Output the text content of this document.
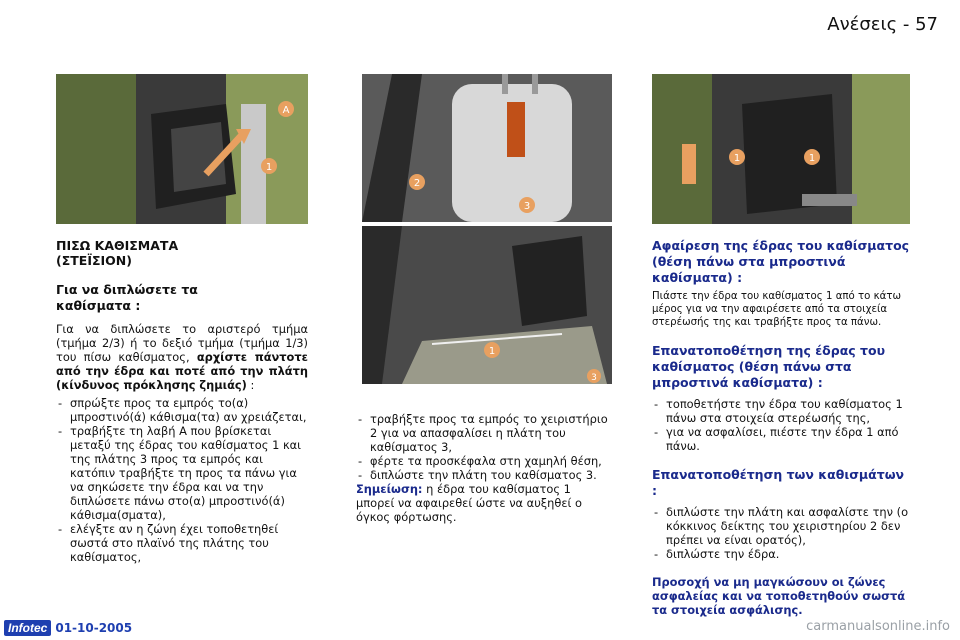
Ανέσεις - 57
A
1
2
3
1
3
1	1
ΠΙΣΩ ΚΑΘΙΣΜΑΤΑ (ΣΤΕΪΣΙΟΝ)
Για να διπλώσετε τα καθίσματα :

Για να διπλώσετε το αριστερό τμήμα (τμήμα 2/3) ή το δεξιό τμήμα (τμήμα 1/3) του πίσω καθίσματος, αρχίστε πάντοτε από την έδρα και ποτέ από την πλάτη (κίνδυνος πρόκλησης ζημιάς) :

- σπρώξτε προς τα εμπρός το(α) μπροστινό(ά) κάθισμα(τα) αν χρειάζεται,
- τραβήξτε τη λαβή A που βρίσκεται μεταξύ της έδρας του καθίσματος 1 και της πλάτης 3 προς τα εμπρός και κατόπιν τραβήξτε τη προς τα πάνω για να σηκώσετε την έδρα και να την διπλώσετε πάνω στο(α) μπροστινό(ά) κάθισμα(σματα),
- ελέγξτε αν η ζώνη έχει τοποθετηθεί σωστά στο πλαϊνό της πλάτης του καθίσματος,
- τραβήξτε προς τα εμπρός το χειριστήριο 2 για να απασφαλίσει η πλάτη του καθίσματος 3,
- φέρτε τα προσκέφαλα στη χαμηλή θέση,
- διπλώστε την πλάτη του καθίσματος 3.

Σημείωση: η έδρα του καθίσματος 1 μπορεί να αφαιρεθεί ώστε να αυξηθεί ο όγκος φόρτωσης.

Αφαίρεση της έδρας του καθίσματος (θέση πάνω στα μπροστινά καθίσματα) :

Πιάστε την έδρα του καθίσματος 1 από το κάτω μέρος για να την αφαιρέσετε από τα στοιχεία στερέωσής της και τραβήξτε προς τα πάνω.

Επανατοποθέτηση της έδρας του καθίσματος (θέση πάνω στα μπροστινά καθίσματα) :
- τοποθετήστε την έδρα του καθίσματος 1 πάνω στα στοιχεία στερέωσής της,
- για να ασφαλίσει, πιέστε την έδρα 1 από πάνω.
Επανατοποθέτηση των καθισμάτων :
- διπλώστε την πλάτη και ασφαλίστε την (ο κόκκινος δείκτης του χειριστηρίου 2 δεν πρέπει να είναι ορατός),
- διπλώστε την έδρα.

Προσοχή να μη μαγκώσουν οι ζώνες ασφαλείας και να τοποθετηθούν σωστά τα στοιχεία ασφάλισης.

Infotec 01-10-2005	carmanualsonline.info
